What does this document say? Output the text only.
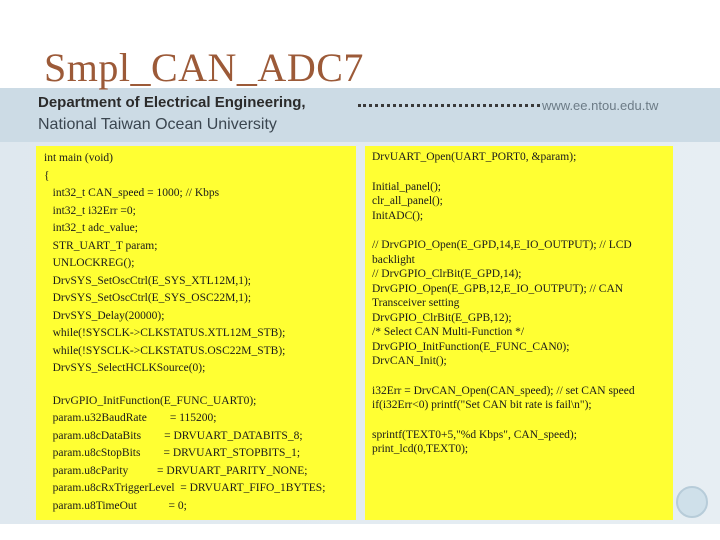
Smpl_CAN_ADC7
Department of Electrical Engineering,	www.ee.ntou.edu.tw
National Taiwan Ocean University
int main (void)
{
int32_t CAN_speed = 1000; // Kbps
int32_t i32Err =0;
int32_t adc_value;
STR_UART_T param;
UNLOCKREG();
DrvSYS_SetOscCtrl(E_SYS_XTL12M,1);
DrvSYS_SetOscCtrl(E_SYS_OSC22M,1);
DrvSYS_Delay(20000);
while(!SYSCLK->CLKSTATUS.XTL12M_STB);
while(!SYSCLK->CLKSTATUS.OSC22M_STB);
DrvSYS_SelectHCLKSource(0);
DrvGPIO_InitFunction(E_FUNC_UART0);
param.u32BaudRate        = 115200;
param.u8cDataBits        = DRVUART_DATABITS_8;
param.u8cStopBits        = DRVUART_STOPBITS_1;
param.u8cParity          = DRVUART_PARITY_NONE;
param.u8cRxTriggerLevel  = DRVUART_FIFO_1BYTES;
param.u8TimeOut           = 0;
DrvUART_Open(UART_PORT0, &param);
Initial_panel();
clr_all_panel();
InitADC();
// DrvGPIO_Open(E_GPD,14,E_IO_OUTPUT); // LCD backlight
// DrvGPIO_ClrBit(E_GPD,14);
DrvGPIO_Open(E_GPB,12,E_IO_OUTPUT); // CAN Transceiver setting
DrvGPIO_ClrBit(E_GPB,12);
/* Select CAN Multi-Function */
DrvGPIO_InitFunction(E_FUNC_CAN0);
DrvCAN_Init();
i32Err = DrvCAN_Open(CAN_speed); // set CAN speed
if(i32Err<0) printf("Set CAN bit rate is fail\n");
sprintf(TEXT0+5,"%d Kbps", CAN_speed);
print_lcd(0,TEXT0);
